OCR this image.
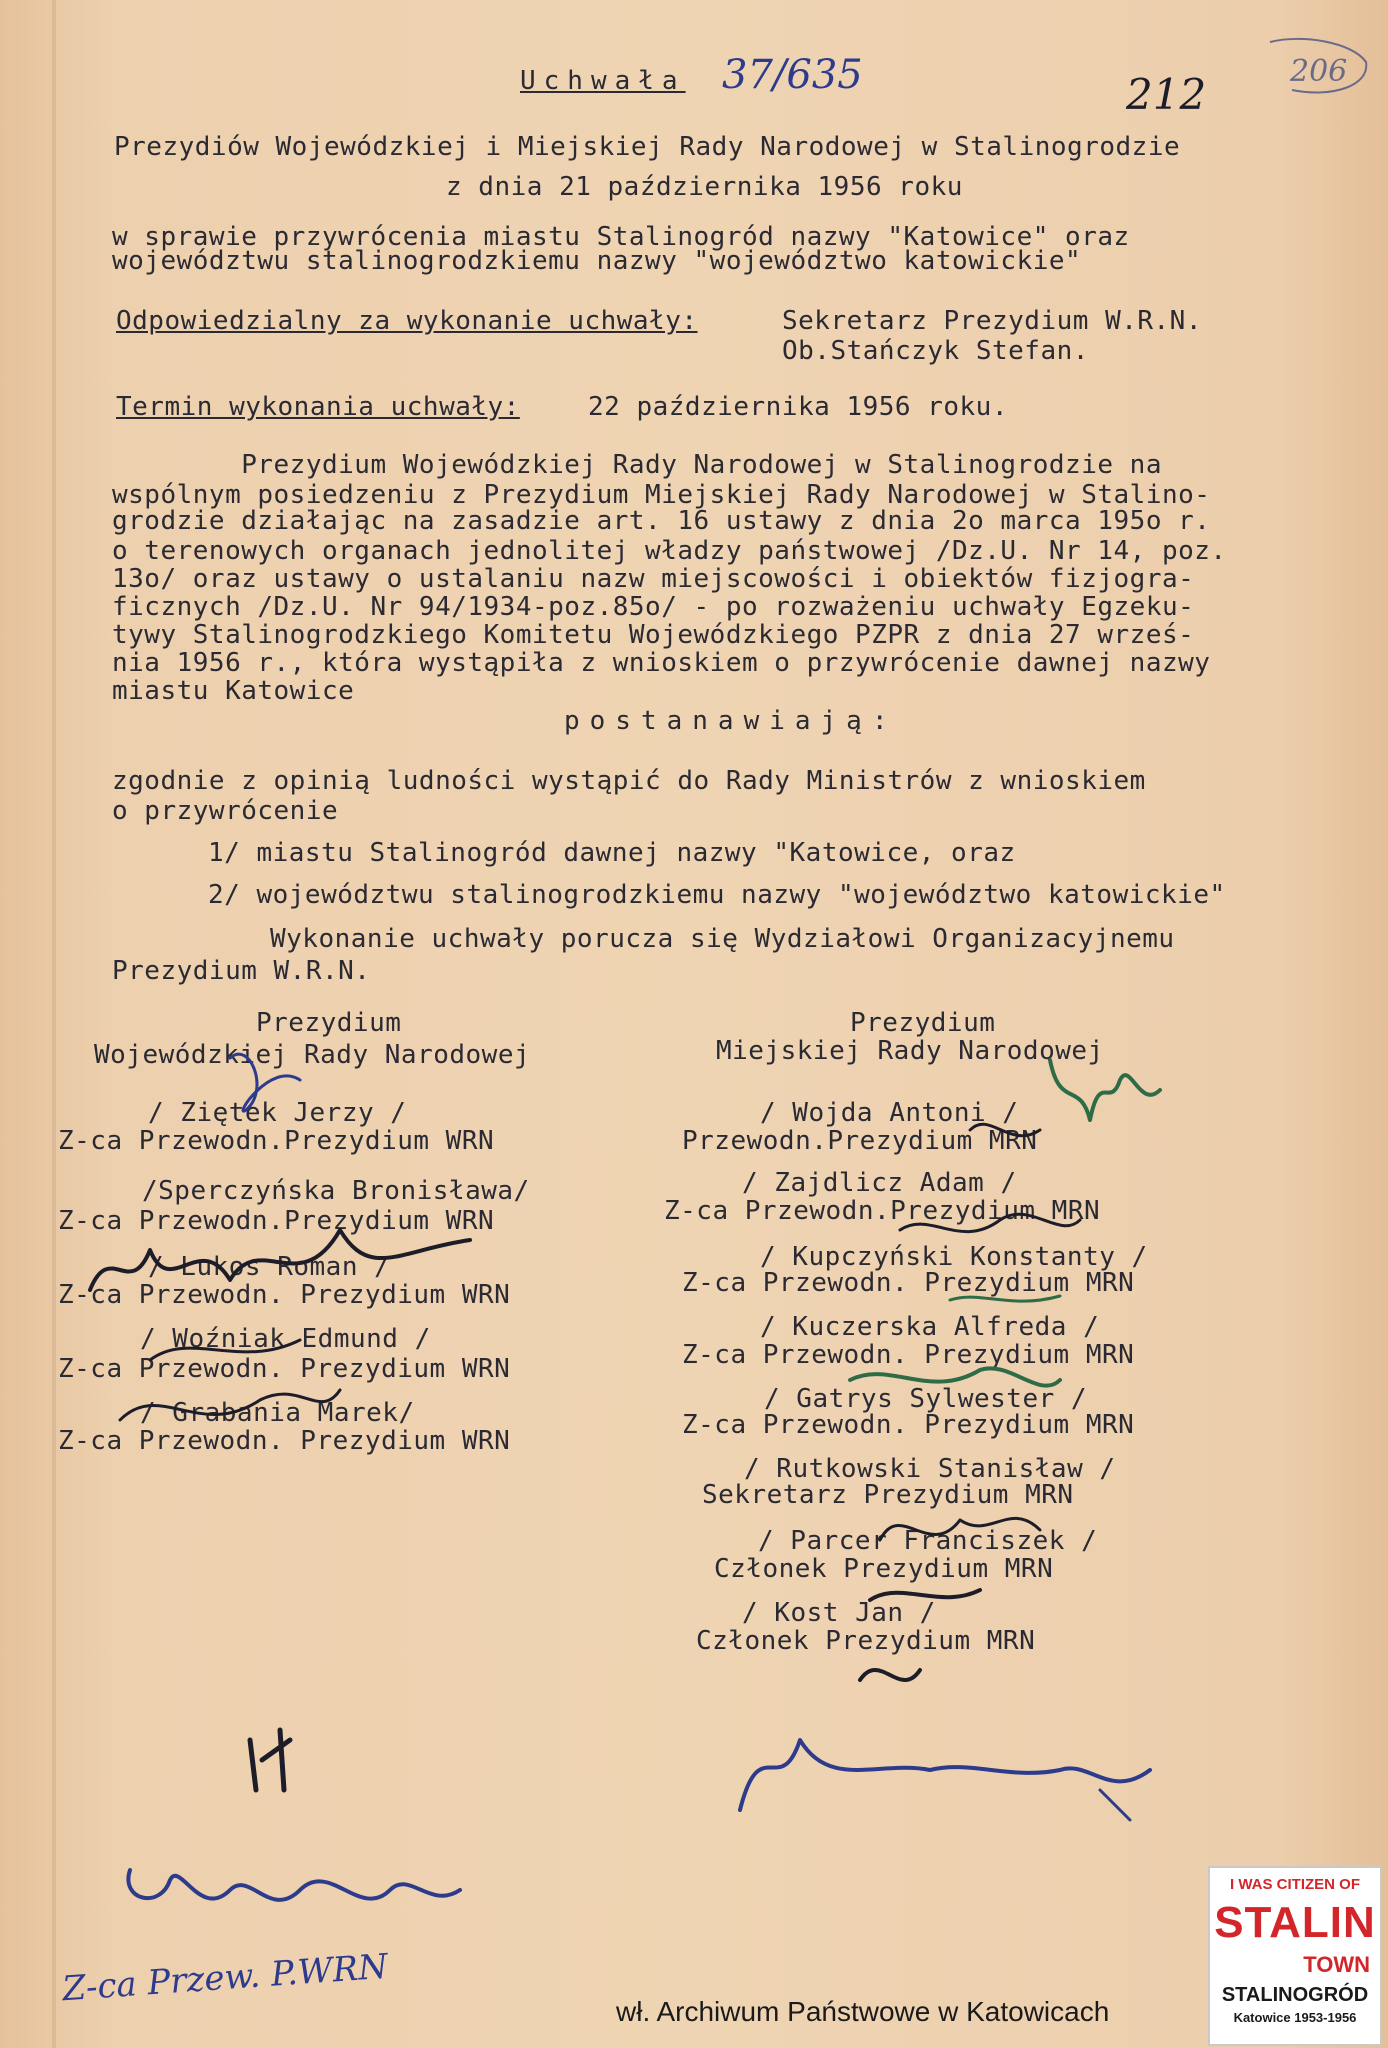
Uchwała 37/635	212	206
Prezydiów Wojewódzkiej i Miejskiej Rady Narodowej w Stalinogrodzie
z dnia 21 października 1956 roku
w sprawie przywrócenia miastu Stalinogród nazwy "Katowice" oraz
województwu stalinogrodzkiemu nazwy "województwo katowickie"
Odpowiedzialny za wykonanie uchwały:	Sekretarz Prezydium W.R.N.
Ob.Stańczyk Stefan.
Termin wykonania uchwały:	22 października 1956 roku.
Prezydium Wojewódzkiej Rady Narodowej w Stalinogrodzie na
wspólnym posiedzeniu z Prezydium Miejskiej Rady Narodowej w Stalino-
grodzie działając na zasadzie art. 16 ustawy z dnia 2o marca 195o r.
o terenowych organach jednolitej władzy państwowej /Dz.U. Nr 14, poz.
13o/ oraz ustawy o ustalaniu nazw miejscowości i obiektów fizjogra-
ficznych /Dz.U. Nr 94/1934-poz.85o/ - po rozważeniu uchwały Egzeku-
tywy Stalinogrodzkiego Komitetu Wojewódzkiego PZPR z dnia 27 wrześ-
nia 1956 r., która wystąpiła z wnioskiem o przywrócenie dawnej nazwy
miastu Katowice
postanawiają:
zgodnie z opinią ludności wystąpić do Rady Ministrów z wnioskiem
o przywrócenie
1/ miastu Stalinogród dawnej nazwy "Katowice, oraz
2/ województwu stalinogrodzkiemu nazwy "województwo katowickie"
Wykonanie uchwały porucza się Wydziałowi Organizacyjnemu
Prezydium W.R.N.
Prezydium
Wojewódzkiej Rady Narodowej
/ Ziętek Jerzy /
Z-ca Przewodn.Prezydium WRN
/Sperczyńska Bronisława/
Z-ca Przewodn.Prezydium WRN
/ Lukos Roman /
Z-ca Przewodn. Prezydium WRN
/ Woźniak Edmund /
Z-ca Przewodn. Prezydium WRN
/ Grabania Marek/
Z-ca Przewodn. Prezydium WRN
Prezydium
Miejskiej Rady Narodowej
/ Wojda Antoni /
Przewodn.Prezydium MRN
/ Zajdlicz Adam /
Z-ca Przewodn.Prezydium MRN
/ Kupczyński Konstanty /
Z-ca Przewodn. Prezydium MRN
/ Kuczerska Alfreda /
Z-ca Przewodn. Prezydium MRN
/ Gatrys Sylwester /
Z-ca Przewodn. Prezydium MRN
/ Rutkowski Stanisław /
Sekretarz Prezydium MRN
/ Parcer Franciszek /
Członek Prezydium MRN
/ Kost Jan /
Członek Prezydium MRN
Z-ca Przew. P.WRN
wł. Archiwum Państwowe w Katowicach
I WAS CITIZEN OF
STALIN
TOWN
STALINOGRÓD
Katowice 1953-1956
